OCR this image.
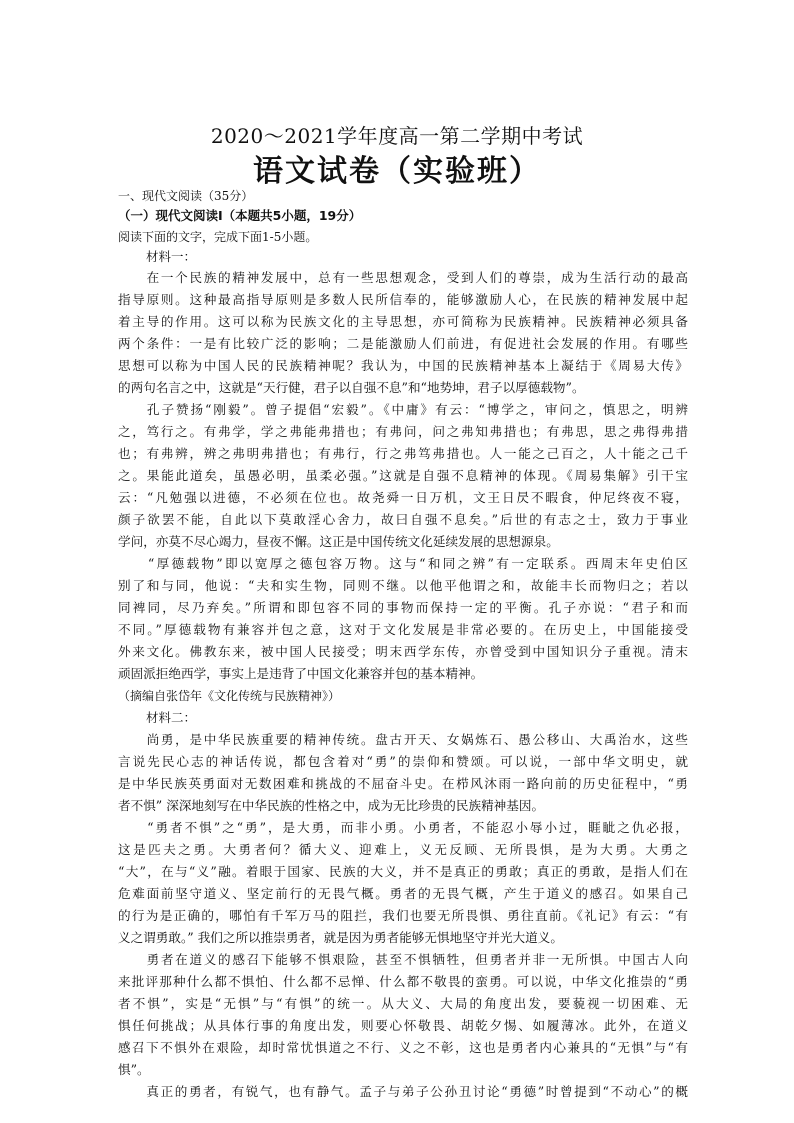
2020～2021学年度高一第二学期中考试
语文试卷（实验班）
一、现代文阅读（35分）
（一）现代文阅读Ⅰ（本题共5小题，19分）
阅读下面的文字，完成下面1-5小题。
材料一：
　　在一个民族的精神发展中，总有一些思想观念，受到人们的尊崇，成为生活行动的最高
指导原则。这种最高指导原则是多数人民所信奉的，能够激励人心，在民族的精神发展中起
着主导的作用。这可以称为民族文化的主导思想，亦可简称为民族精神。民族精神必须具备
两个条件：一是有比较广泛的影响；二是能激励人们前进，有促进社会发展的作用。有哪些
思想可以称为中国人民的民族精神呢？我认为，中国的民族精神基本上凝结于《周易大传》
的两句名言之中，这就是“天行健，君子以自强不息”和“地势坤，君子以厚德载物”。
　　孔子赞扬“刚毅”。曾子提倡“宏毅”。《中庸》有云：“博学之，审问之，慎思之，明辨
之，笃行之。有弗学，学之弗能弗措也；有弗问，问之弗知弗措也；有弗思，思之弗得弗措
也；有弗辨，辨之弗明弗措也；有弗行，行之弗笃弗措也。人一能之己百之，人十能之己千
之。果能此道矣，虽愚必明，虽柔必强。”这就是自强不息精神的体现。《周易集解》引干宝
云：“凡勉强以进德，不必须在位也。故尧舜一日万机，文王日昃不暇食，仲尼终夜不寝，
颜子欲罢不能，自此以下莫敢淫心舍力，故曰自强不息矣。”后世的有志之士，致力于事业
学问，亦莫不尽心竭力，昼夜不懈。这正是中国传统文化延续发展的思想源泉。
　　“厚德载物”即以宽厚之德包容万物。这与“和同之辨”有一定联系。西周末年史伯区
别了和与同，他说：“夫和实生物，同则不继。以他平他谓之和，故能丰长而物归之；若以
同裨同，尽乃弃矣。”所谓和即包容不同的事物而保持一定的平衡。孔子亦说：“君子和而
不同。”厚德载物有兼容并包之意，这对于文化发展是非常必要的。在历史上，中国能接受
外来文化。佛教东来，被中国人民接受；明末西学东传，亦曾受到中国知识分子重视。清末
顽固派拒绝西学，事实上是违背了中国文化兼容并包的基本精神。
（摘编自张岱年《文化传统与民族精神》）
材料二：
　　尚勇，是中华民族重要的精神传统。盘古开天、女娲炼石、愚公移山、大禹治水，这些
言说先民心志的神话传说，都包含着对“勇”的崇仰和赞颂。可以说，一部中华文明史，就
是中华民族英勇面对无数困难和挑战的不屈奋斗史。在栉风沐雨一路向前的历史征程中，“勇
者不惧” 深深地刻写在中华民族的性格之中，成为无比珍贵的民族精神基因。
　　“勇者不惧”之“勇”，是大勇，而非小勇。小勇者，不能忍小辱小过，睚眦之仇必报，
这是匹夫之勇。大勇者何？循大义、迎难上，义无反顾、无所畏惧，是为大勇。大勇之
“大”，在与“义”融。着眼于国家、民族的大义，并不是真正的勇敢；真正的勇敢，是指人们在
危难面前坚守道义、坚定前行的无畏气概。勇者的无畏气概，产生于道义的感召。如果自己
的行为是正确的，哪怕有千军万马的阻拦，我们也要无所畏惧、勇往直前。《礼记》有云：“有
义之谓勇敢。” 我们之所以推崇勇者，就是因为勇者能够无惧地坚守并光大道义。
　　勇者在道义的感召下能够不惧艰险，甚至不惧牺牲，但勇者并非一无所惧。中国古人向
来批评那种什么都不惧怕、什么都不忌惮、什么都不敬畏的蛮勇。可以说，中华文化推崇的“勇
者不惧”，实是“无惧”与“有惧”的统一。从大义、大局的角度出发，要藐视一切困难、无
惧任何挑战；从具体行事的角度出发，则要心怀敬畏、胡乾夕惕、如履薄冰。此外，在道义
感召下不惧外在艰险，却时常忧惧道之不行、义之不彰，这也是勇者内心兼具的“无惧”与“有
惧”。
　　真正的勇者，有锐气，也有静气。孟子与弟子公孙丑讨论“勇德”时曾提到“不动心”的概
